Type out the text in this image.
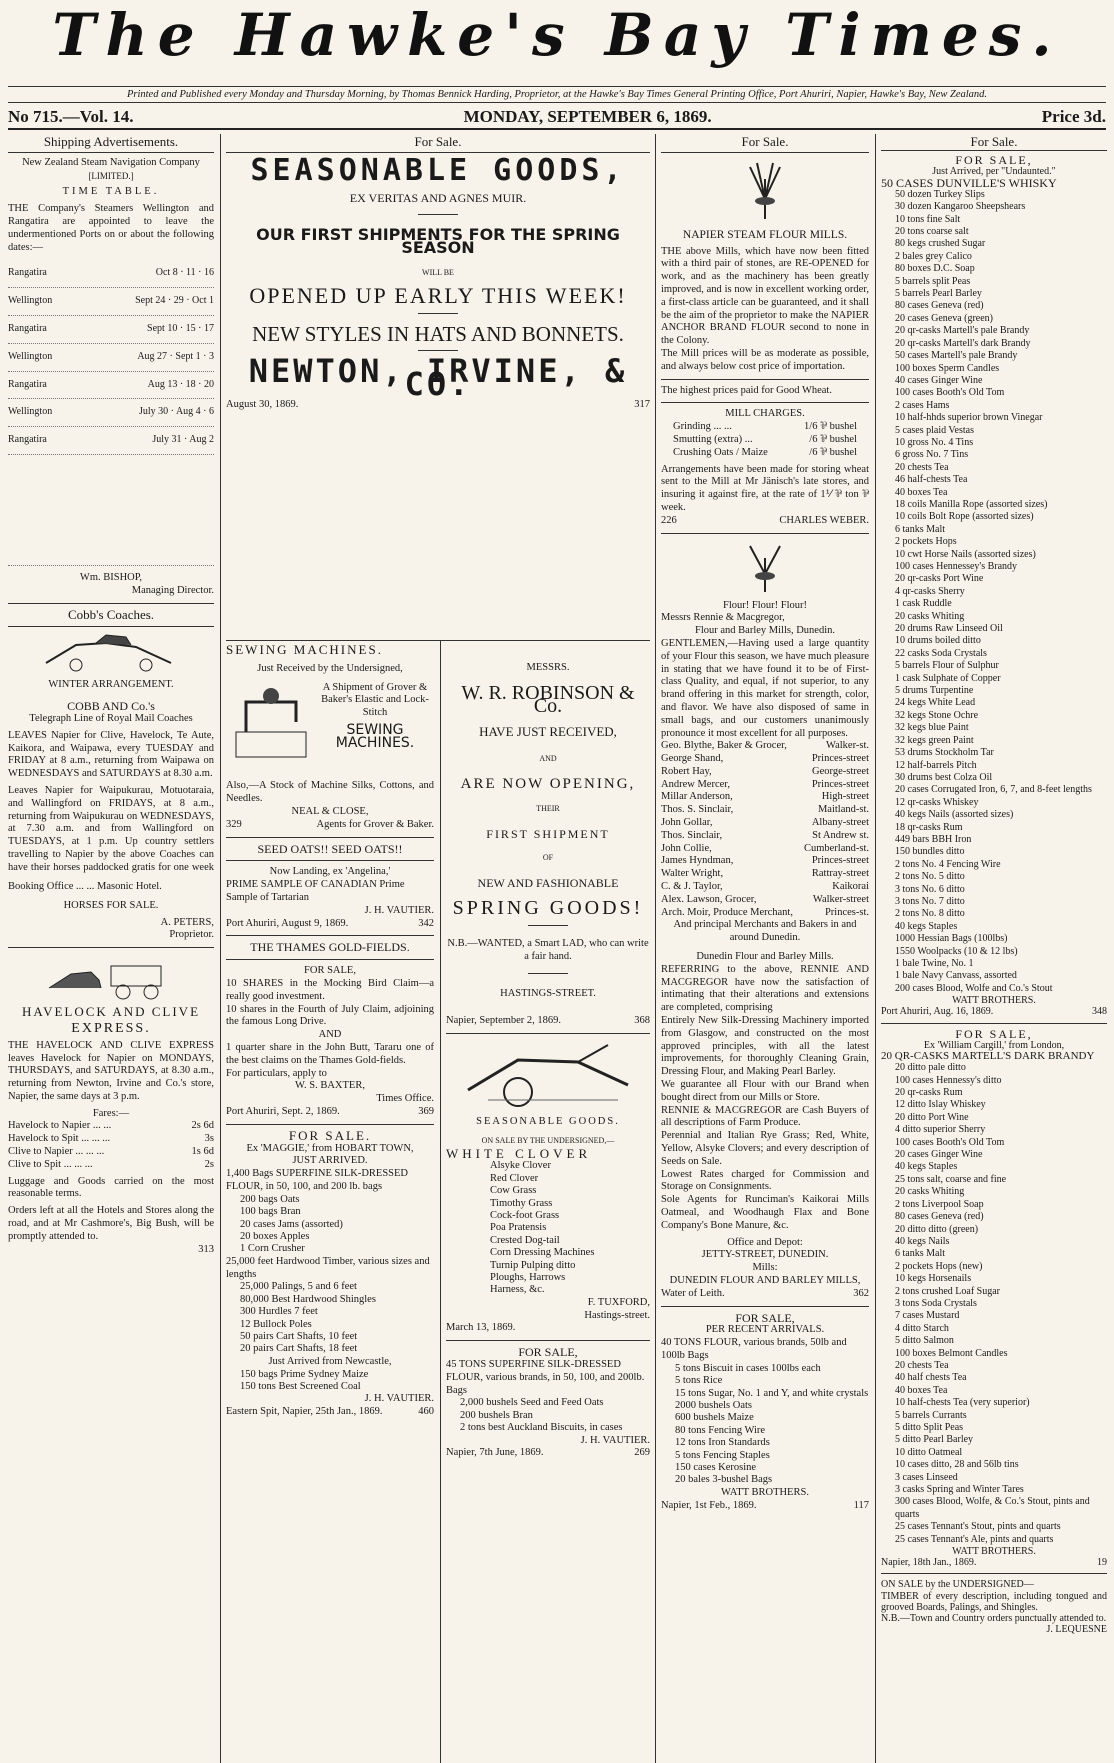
The Hawke's Bay Times.
Printed and Published every Monday and Thursday Morning, by Thomas Bennick Harding, Proprietor, at the Hawke's Bay Times General Printing Office, Port Ahuriri, Napier, Hawke's Bay, New Zealand.
No 715.—Vol. 14.	MONDAY, SEPTEMBER 6, 1869.	Price 3d.
Shipping Advertisements.
New Zealand Steam Navigation Company
[LIMITED.]
TIME TABLE.
THE Company's Steamers Wellington and Rangatira are appointed to leave the undermentioned Ports on or about the following dates:—
Rangatira	Oct 8 · 11 · 16
Wellington	Sept 24 · 29 · Oct 1
Rangatira	Sept 10 · 15 · 17
Wellington	Aug 27 · Sept 1 · 3
Rangatira	Aug 13 · 18 · 20
Wellington	July 30 · Aug 4 · 6
Rangatira	July 31 · Aug 2
Wm. BISHOP,
Managing Director.
Cobb's Coaches.
WINTER ARRANGEMENT.
COBB AND Co.'s
Telegraph Line of Royal Mail Coaches
LEAVES Napier for Clive, Havelock, Te Aute, Kaikora, and Waipawa, every TUESDAY and FRIDAY at 8 a.m., returning from Waipawa on WEDNESDAYS and SATURDAYS at 8.30 a.m.
Leaves Napier for Waipukurau, Motuotaraia, and Wallingford on FRIDAYS, at 8 a.m., returning from Waipukurau on WEDNESDAYS, at 7.30 a.m. and from Wallingford on TUESDAYS, at 1 p.m. Up country settlers travelling to Napier by the above Coaches can have their horses paddocked gratis for one week
Booking Office ... ... Masonic Hotel.
HORSES FOR SALE.
A. PETERS,
Proprietor.
HAVELOCK AND CLIVE
EXPRESS.
THE HAVELOCK AND CLIVE EXPRESS leaves Havelock for Napier on MONDAYS, THURSDAYS, and SATURDAYS, at 8.30 a.m., returning from Newton, Irvine and Co.'s store, Napier, the same days at 3 p.m.
Fares:—
Havelock to Napier ... ...	2s 6d
Havelock to Spit ... ... ...	3s
Clive to Napier ... ... ...	1s 6d
Clive to Spit ... ... ...	2s
Luggage and Goods carried on the most reasonable terms.
Orders left at all the Hotels and Stores along the road, and at Mr Cashmore's, Big Bush, will be promptly attended to.
313
For Sale.
SEASONABLE GOODS,
EX VERITAS AND AGNES MUIR.
OUR FIRST SHIPMENTS FOR THE SPRING SEASON
WILL BE
OPENED UP EARLY THIS WEEK!
NEW STYLES IN HATS AND BONNETS.
NEWTON, IRVINE, & CO.
August 30, 1869.	317
SEWING MACHINES.
Just Received by the Undersigned,
A Shipment of Grover & Baker's Elastic and Lock-Stitch
SEWING MACHINES.
Also,—A Stock of Machine Silks, Cottons, and Needles.
NEAL & CLOSE,
329	Agents for Grover & Baker.
SEED OATS!! SEED OATS!!
Now Landing, ex 'Angelina,'
PRIME SAMPLE OF CANADIAN Prime Sample of Tartarian
J. H. VAUTIER.
Port Ahuriri, August 9, 1869.	342
THE THAMES GOLD-FIELDS.
FOR SALE,
10 SHARES in the Mocking Bird Claim—a really good investment.
10 shares in the Fourth of July Claim, adjoining the famous Long Drive.
AND
1 quarter share in the John Butt, Tararu one of the best claims on the Thames Gold-fields.
For particulars, apply to
W. S. BAXTER,
Times Office.
Port Ahuriri, Sept. 2, 1869.	369
FOR SALE.
Ex 'MAGGIE,' from HOBART TOWN,
JUST ARRIVED.
1,400 Bags SUPERFINE SILK-DRESSED FLOUR, in 50, 100, and 200 lb. bags
200 bags Oats
100 bags Bran
20 cases Jams (assorted)
20 boxes Apples
1 Corn Crusher
25,000 feet Hardwood Timber, various sizes and lengths
25,000 Palings, 5 and 6 feet
80,000 Best Hardwood Shingles
300 Hurdles 7 feet
12 Bullock Poles
50 pairs Cart Shafts, 10 feet
20 pairs Cart Shafts, 18 feet
Just Arrived from Newcastle,
150 bags Prime Sydney Maize
150 tons Best Screened Coal
J. H. VAUTIER.
Eastern Spit, Napier, 25th Jan., 1869.	460
MESSRS.
W. R. ROBINSON & Co.
HAVE JUST RECEIVED,
AND
ARE NOW OPENING,
THEIR
FIRST SHIPMENT
OF
NEW AND FASHIONABLE
SPRING GOODS!
N.B.—WANTED, a Smart LAD, who can write a fair hand.
HASTINGS-STREET.
Napier, September 2, 1869.	368
SEASONABLE GOODS.
ON SALE BY THE UNDERSIGNED,—
WHITE CLOVER
Alsyke Clover
Red Clover
Cow Grass
Timothy Grass
Cock-foot Grass
Poa Pratensis
Crested Dog-tail
Corn Dressing Machines
Turnip Pulping ditto
Ploughs, Harrows
Harness, &c.
F. TUXFORD,
Hastings-street.
March 13, 1869.
FOR SALE,
45 TONS SUPERFINE SILK-DRESSED FLOUR, various brands, in 50, 100, and 200lb. Bags
2,000 bushels Seed and Feed Oats
200 bushels Bran
2 tons best Auckland Biscuits, in cases
J. H. VAUTIER.
Napier, 7th June, 1869.	269
For Sale.
NAPIER STEAM FLOUR MILLS.
THE above Mills, which have now been fitted with a third pair of stones, are RE-OPENED for work, and as the machinery has been greatly improved, and is now in excellent working order, a first-class article can be guaranteed, and it shall be the aim of the proprietor to make the NAPIER ANCHOR BRAND FLOUR second to none in the Colony.
The Mill prices will be as moderate as possible, and always below cost price of importation.
The highest prices paid for Good Wheat.
MILL CHARGES.
Grinding ... ...	1/6 ⅌ bushel
Smutting (extra) ...	/6 ⅌ bushel
Crushing Oats / Maize	/6 ⅌ bushel
Arrangements have been made for storing wheat sent to the Mill at Mr Jänisch's late stores, and insuring it against fire, at the rate of 1⅟ ⅌ ton ⅌ week.
226	CHARLES WEBER.
Flour! Flour! Flour!
Messrs Rennie & Macgregor,
Flour and Barley Mills, Dunedin.
GENTLEMEN,—Having used a large quantity of your Flour this season, we have much pleasure in stating that we have found it to be of First-class Quality, and equal, if not superior, to any brand offering in this market for strength, color, and flavor. We have also disposed of same in small bags, and our customers unanimously pronounce it most excellent for all purposes.
Geo. Blythe, Baker & Grocer,	Walker-st.
George Shand,	Princes-street
Robert Hay,	George-street
Andrew Mercer,	Princes-street
Millar Anderson,	High-street
Thos. S. Sinclair,	Maitland-st.
John Gollar,	Albany-street
Thos. Sinclair,	St Andrew st.
John Collie,	Cumberland-st.
James Hyndman,	Princes-street
Walter Wright,	Rattray-street
C. & J. Taylor,	Kaikorai
Alex. Lawson, Grocer,	Walker-street
Arch. Moir, Produce Merchant,	Princes-st.
And principal Merchants and Bakers in and around Dunedin.
Dunedin Flour and Barley Mills.
REFERRING to the above, RENNIE AND MACGREGOR have now the satisfaction of intimating that their alterations and extensions are completed, comprising
Entirely New Silk-Dressing Machinery imported from Glasgow, and constructed on the most approved principles, with all the latest improvements, for thoroughly Cleaning Grain, Dressing Flour, and Making Pearl Barley.
We guarantee all Flour with our Brand when bought direct from our Mills or Store.
RENNIE & MACGREGOR are Cash Buyers of all descriptions of Farm Produce.
Perennial and Italian Rye Grass; Red, White, Yellow, Alsyke Clovers; and every description of Seeds on Sale.
Lowest Rates charged for Commission and Storage on Consignments.
Sole Agents for Runciman's Kaikorai Mills Oatmeal, and Woodhaugh Flax and Bone Company's Bone Manure, &c.
Office and Depot:
JETTY-STREET, DUNEDIN.
Mills:
DUNEDIN FLOUR AND BARLEY MILLS,
Water of Leith.	362
FOR SALE,
PER RECENT ARRIVALS.
40 TONS FLOUR, various brands, 50lb and 100lb Bags
5 tons Biscuit in cases 100lbs each
5 tons Rice
15 tons Sugar, No. 1 and Y, and white crystals
2000 bushels Oats
600 bushels Maize
80 tons Fencing Wire
12 tons Iron Standards
5 tons Fencing Staples
150 cases Kerosine
20 bales 3-bushel Bags
WATT BROTHERS.
Napier, 1st Feb., 1869.	117
For Sale.
FOR SALE,
Just Arrived, per "Undaunted."
50 CASES DUNVILLE'S WHISKY
50 dozen Turkey Slips
30 dozen Kangaroo Sheepshears
10 tons fine Salt
20 tons coarse salt
80 kegs crushed Sugar
2 bales grey Calico
80 boxes D.C. Soap
5 barrels split Peas
5 barrels Pearl Barley
80 cases Geneva (red)
20 cases Geneva (green)
20 qr-casks Martell's pale Brandy
20 qr-casks Martell's dark Brandy
50 cases Martell's pale Brandy
100 boxes Sperm Candles
40 cases Ginger Wine
100 cases Booth's Old Tom
2 cases Hams
10 half-hhds superior brown Vinegar
5 cases plaid Vestas
10 gross No. 4 Tins
6 gross No. 7 Tins
20 chests Tea
46 half-chests Tea
40 boxes Tea
18 coils Manilla Rope (assorted sizes)
10 coils Bolt Rope (assorted sizes)
6 tanks Malt
2 pockets Hops
10 cwt Horse Nails (assorted sizes)
100 cases Hennessey's Brandy
20 qr-casks Port Wine
4 qr-casks Sherry
1 cask Ruddle
20 casks Whiting
20 drums Raw Linseed Oil
10 drums boiled ditto
22 casks Soda Crystals
5 barrels Flour of Sulphur
1 cask Sulphate of Copper
5 drums Turpentine
24 kegs White Lead
32 kegs Stone Ochre
32 kegs blue Paint
32 kegs green Paint
53 drums Stockholm Tar
12 half-barrels Pitch
30 drums best Colza Oil
20 cases Corrugated Iron, 6, 7, and 8-feet lengths
12 qr-casks Whiskey
40 kegs Nails (assorted sizes)
18 qr-casks Rum
449 bars BBH Iron
150 bundles ditto
2 tons No. 4 Fencing Wire
2 tons No. 5 ditto
3 tons No. 6 ditto
3 tons No. 7 ditto
2 tons No. 8 ditto
40 kegs Staples
1000 Hessian Bags (100lbs)
1550 Woolpacks (10 & 12 lbs)
1 bale Twine, No. 1
1 bale Navy Canvass, assorted
200 cases Blood, Wolfe and Co.'s Stout
WATT BROTHERS.
Port Ahuriri, Aug. 16, 1869.	348
FOR SALE,
Ex 'William Cargill,' from London,
20 QR-CASKS MARTELL'S DARK BRANDY
20 ditto pale ditto
100 cases Hennessy's ditto
20 qr-casks Rum
12 ditto Islay Whiskey
20 ditto Port Wine
4 ditto superior Sherry
100 cases Booth's Old Tom
20 cases Ginger Wine
40 kegs Staples
25 tons salt, coarse and fine
20 casks Whiting
2 tons Liverpool Soap
80 cases Geneva (red)
20 ditto ditto (green)
40 kegs Nails
6 tanks Malt
2 pockets Hops (new)
10 kegs Horsenails
2 tons crushed Loaf Sugar
3 tons Soda Crystals
7 cases Mustard
4 ditto Starch
5 ditto Salmon
100 boxes Belmont Candles
20 chests Tea
40 half chests Tea
40 boxes Tea
10 half-chests Tea (very superior)
5 barrels Currants
5 ditto Split Peas
5 ditto Pearl Barley
10 ditto Oatmeal
10 cases ditto, 28 and 56lb tins
3 cases Linseed
3 casks Spring and Winter Tares
300 cases Blood, Wolfe, & Co.'s Stout, pints and quarts
25 cases Tennant's Stout, pints and quarts
25 cases Tennant's Ale, pints and quarts
WATT BROTHERS.
Napier, 18th Jan., 1869.	19
ON SALE by the UNDERSIGNED—
TIMBER of every description, including tongued and grooved Boards, Palings, and Shingles.
N.B.—Town and Country orders punctually attended to.
J. LEQUESNE
